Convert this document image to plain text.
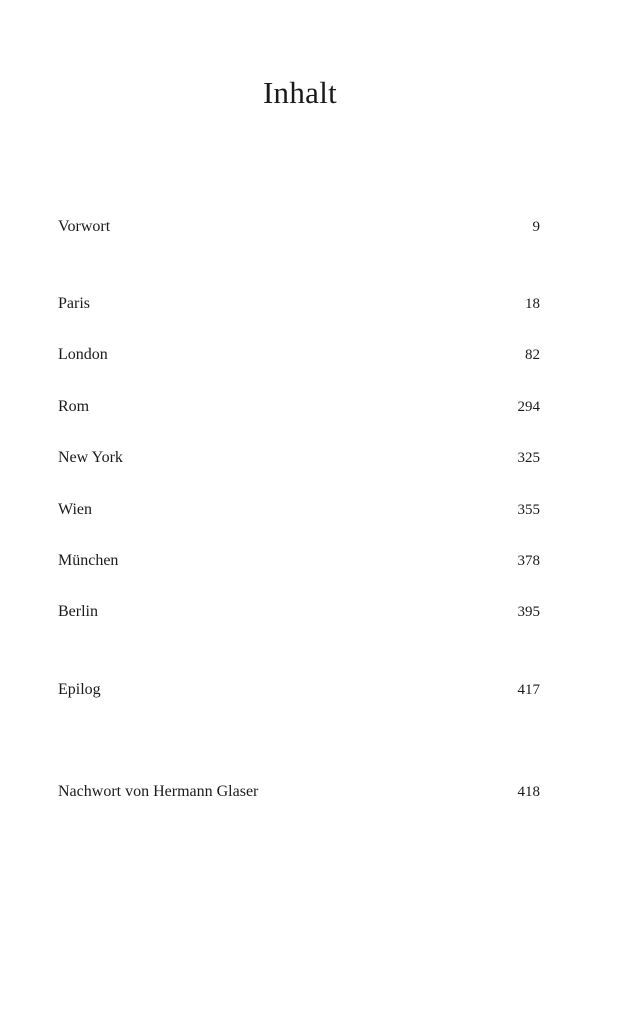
Inhalt
Vorwort	9
Paris	18
London	82
Rom	294
New York	325
Wien	355
München	378
Berlin	395
Epilog	417
Nachwort von Hermann Glaser	418
